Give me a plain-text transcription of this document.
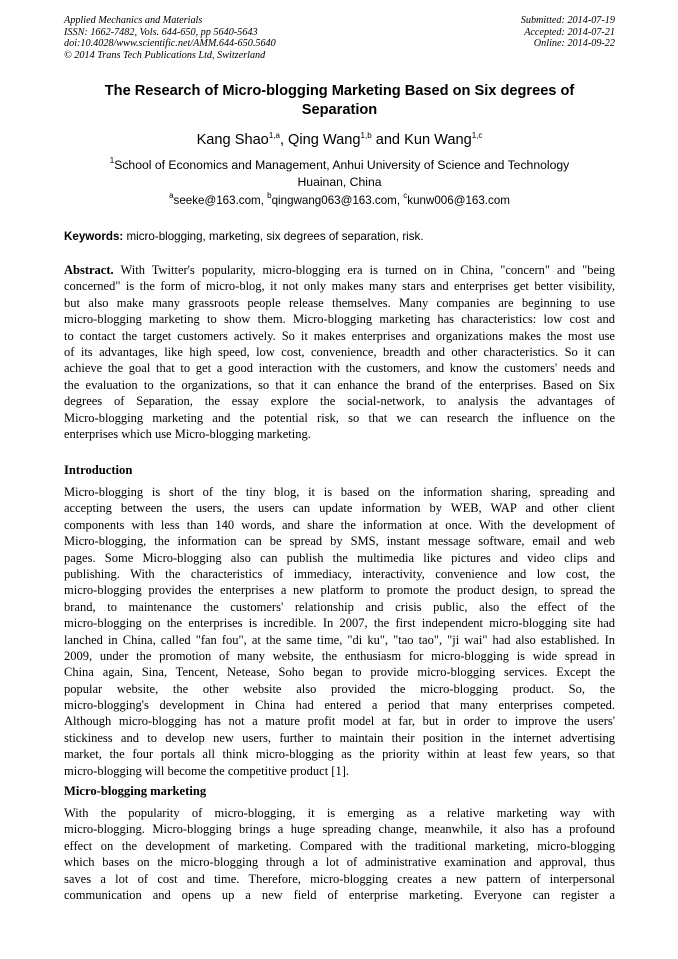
Applied Mechanics and Materials
ISSN: 1662-7482, Vols. 644-650, pp 5640-5643
doi:10.4028/www.scientific.net/AMM.644-650.5640
© 2014 Trans Tech Publications Ltd, Switzerland
Submitted: 2014-07-19
Accepted: 2014-07-21
Online: 2014-09-22
The Research of Micro-blogging Marketing Based on Six degrees of
Separation
Kang Shao$^{1,a}$, Qing Wang$^{1,b}$ and Kun Wang$^{1,c}$
$^1$School of Economics and Management, Anhui University of Science and Technology
Huainan, China
$^a$seeke@163.com, $^b$qingwang063@163.com, $^c$kunw006@163.com
Keywords: micro-blogging, marketing, six degrees of separation, risk.
Abstract. With Twitter's popularity, micro-blogging era is turned on in China, "concern" and "being
concerned" is the form of micro-blog, it not only makes many stars and enterprises get better visibility,
but also make many grassroots people release themselves. Many companies are beginning to use
micro-blogging marketing to show them. Micro-blogging marketing has characteristics: low cost and
to contact the target customers actively. So it makes enterprises and organizations makes the most use
of its advantages, like high speed, low cost, convenience, breadth and other characteristics. So it can
achieve the goal that to get a good interaction with the customers, and know the customers' needs and
the evaluation to the organizations, so that it can enhance the brand of the enterprises. Based on Six
degrees of Separation, the essay explore the social-network, to analysis the advantages of
Micro-blogging marketing and the potential risk, so that we can research the influence on the
enterprises which use Micro-blogging marketing.
Introduction
Micro-blogging is short of the tiny blog, it is based on the information sharing, spreading and
accepting between the users, the users can update information by WEB, WAP and other client
components with less than 140 words, and share the information at once. With the development of
Micro-blogging, the information can be spread by SMS, instant message software, email and web
pages. Some Micro-blogging also can publish the multimedia like pictures and video clips and
publishing. With the characteristics of immediacy, interactivity, convenience and low cost, the
micro-blogging provides the enterprises a new platform to promote the product design, to spread the
brand, to maintenance the customers' relationship and crisis public, also the effect of the
micro-blogging on the enterprises is incredible. In 2007, the first independent micro-blogging site had
lanched in China, called "fan fou", at the same time, "di ku", "tao tao", "ji wai" had also established. In
2009, under the promotion of many website, the enthusiasm for micro-blogging is wide spread in
China again, Sina, Tencent, Netease, Soho began to provide micro-blogging services. Except the
popular website, the other website also provided the micro-blogging product. So, the
micro-blogging's development in China had entered a period that many enterprises competed.
Although micro-blogging has not a mature profit model at far, but in order to improve the users'
stickiness and to develop new users, further to maintain their position in the internet advertising
market, the four portals all think micro-blogging as the priority within at least few years, so that
micro-blogging will become the competitive product [1].
Micro-blogging marketing
With the popularity of micro-blogging, it is emerging as a relative marketing way with
micro-blogging. Micro-blogging brings a huge spreading change, meanwhile, it also has a profound
effect on the development of marketing. Compared with the traditional marketing, micro-blogging
which bases on the micro-blogging through a lot of administrative examination and approval, thus
saves a lot of cost and time. Therefore, micro-blogging creates a new pattern of interpersonal
communication and opens up a new field of enterprise marketing. Everyone can register a
